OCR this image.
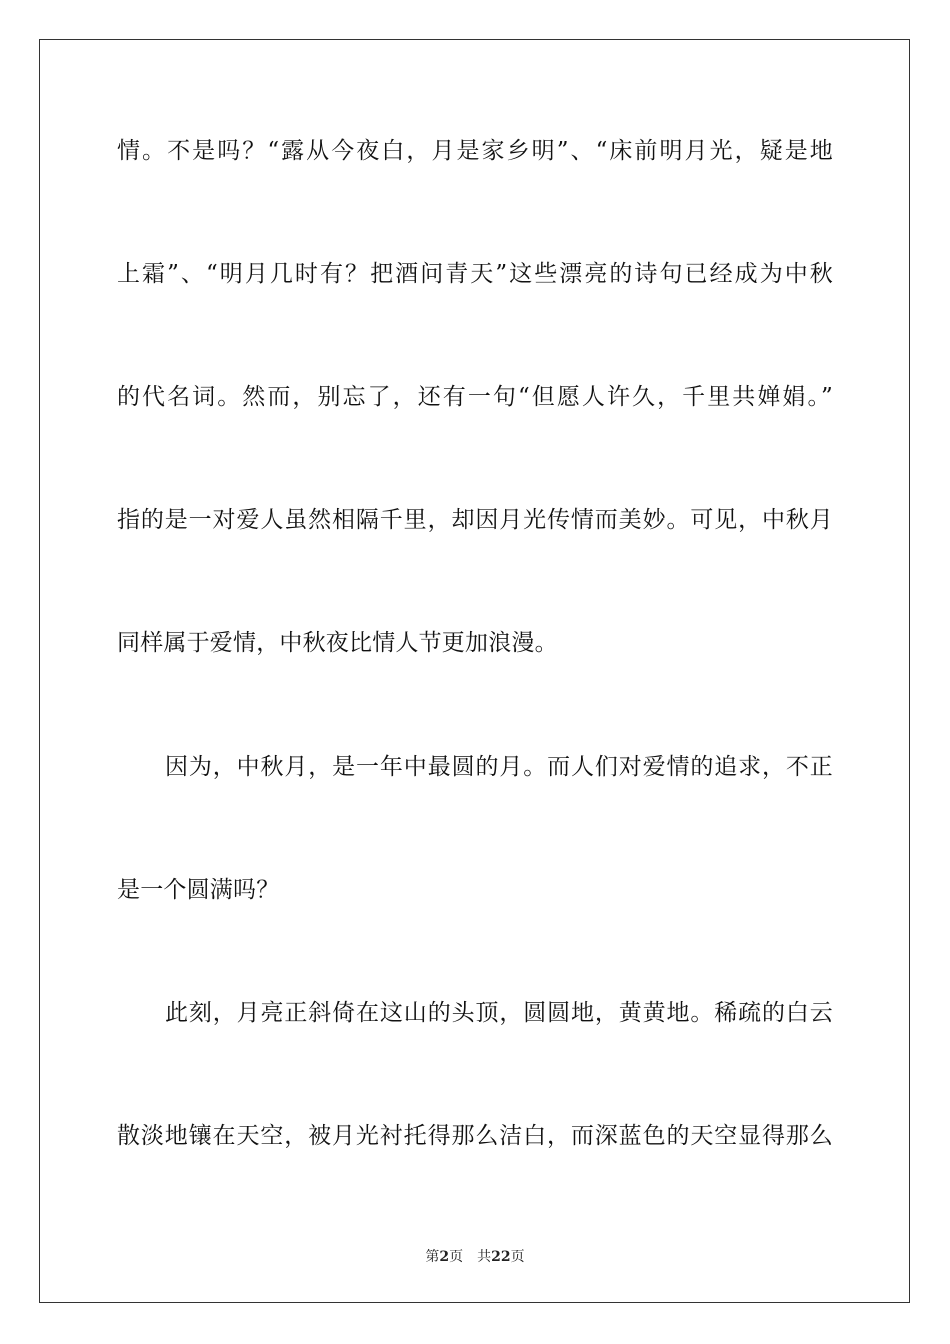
情。不是吗？“露从今夜白，月是家乡明”、“床前明月光，疑是地
上霜”、“明月几时有？把酒问青天”这些漂亮的诗句已经成为中秋
的代名词。然而，别忘了，还有一句“但愿人许久，千里共婵娟。”
指的是一对爱人虽然相隔千里，却因月光传情而美妙。可见，中秋月
同样属于爱情，中秋夜比情人节更加浪漫。
因为，中秋月，是一年中最圆的月。而人们对爱情的追求，不正
是一个圆满吗？
此刻，月亮正斜倚在这山的头顶，圆圆地，黄黄地。稀疏的白云
散淡地镶在天空，被月光衬托得那么洁白，而深蓝色的天空显得那么
第2页 共22页
